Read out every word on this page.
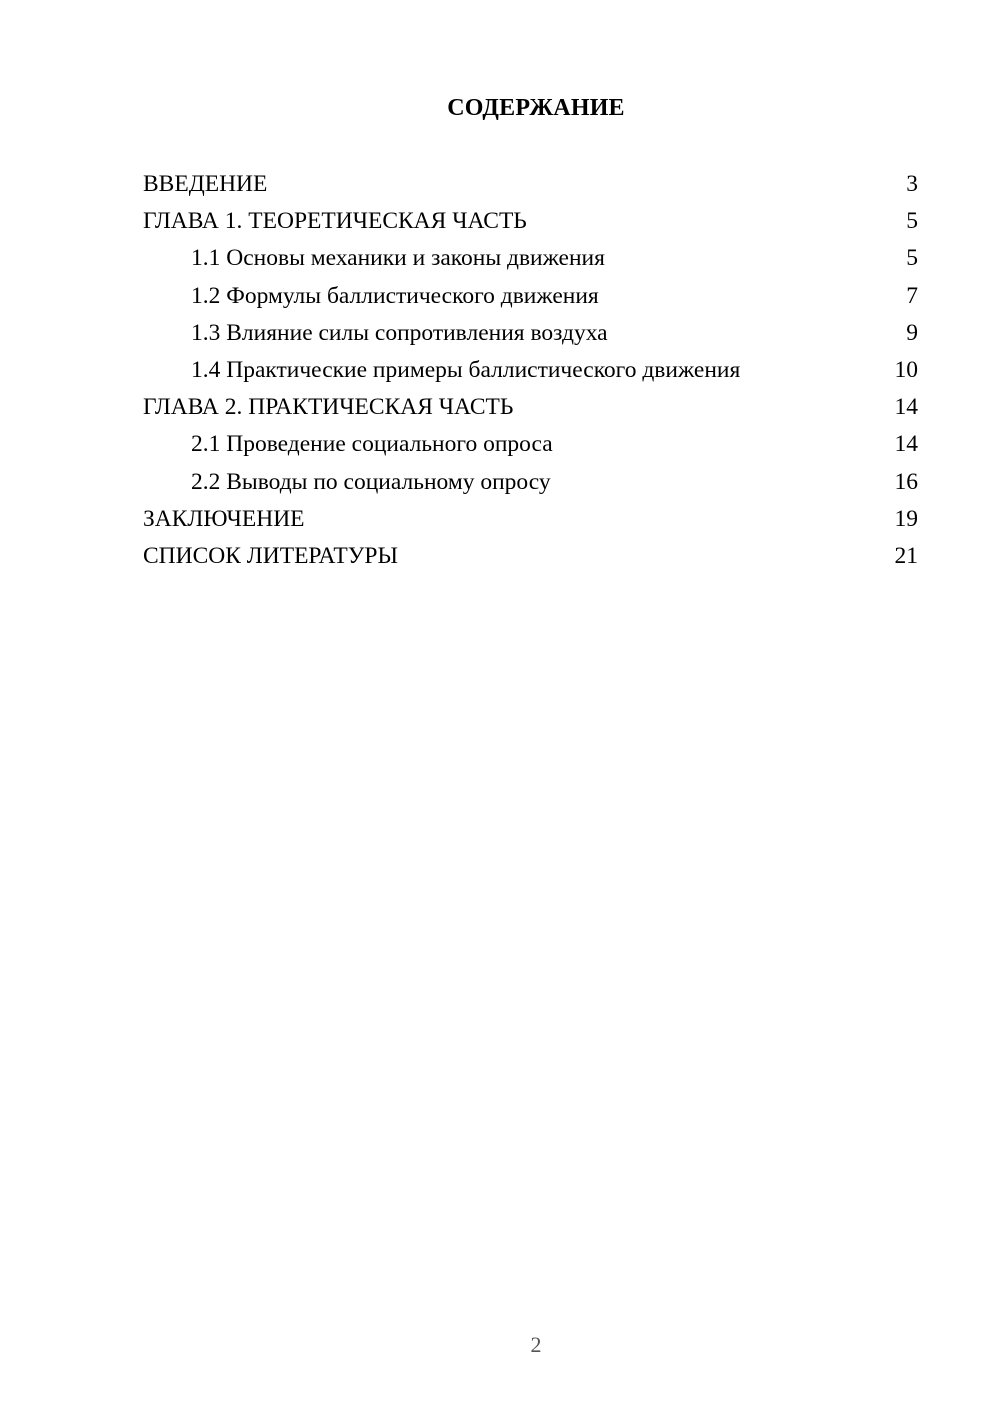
СОДЕРЖАНИЕ
ВВЕДЕНИЕ	3
ГЛАВА 1. ТЕОРЕТИЧЕСКАЯ ЧАСТЬ	5
1.1 Основы механики и законы движения	5
1.2 Формулы баллистического движения	7
1.3 Влияние силы сопротивления воздуха	9
1.4 Практические примеры баллистического движения	10
ГЛАВА 2. ПРАКТИЧЕСКАЯ ЧАСТЬ	14
2.1 Проведение социального опроса	14
2.2 Выводы по социальному опросу	16
ЗАКЛЮЧЕНИЕ	19
СПИСОК ЛИТЕРАТУРЫ	21
2
